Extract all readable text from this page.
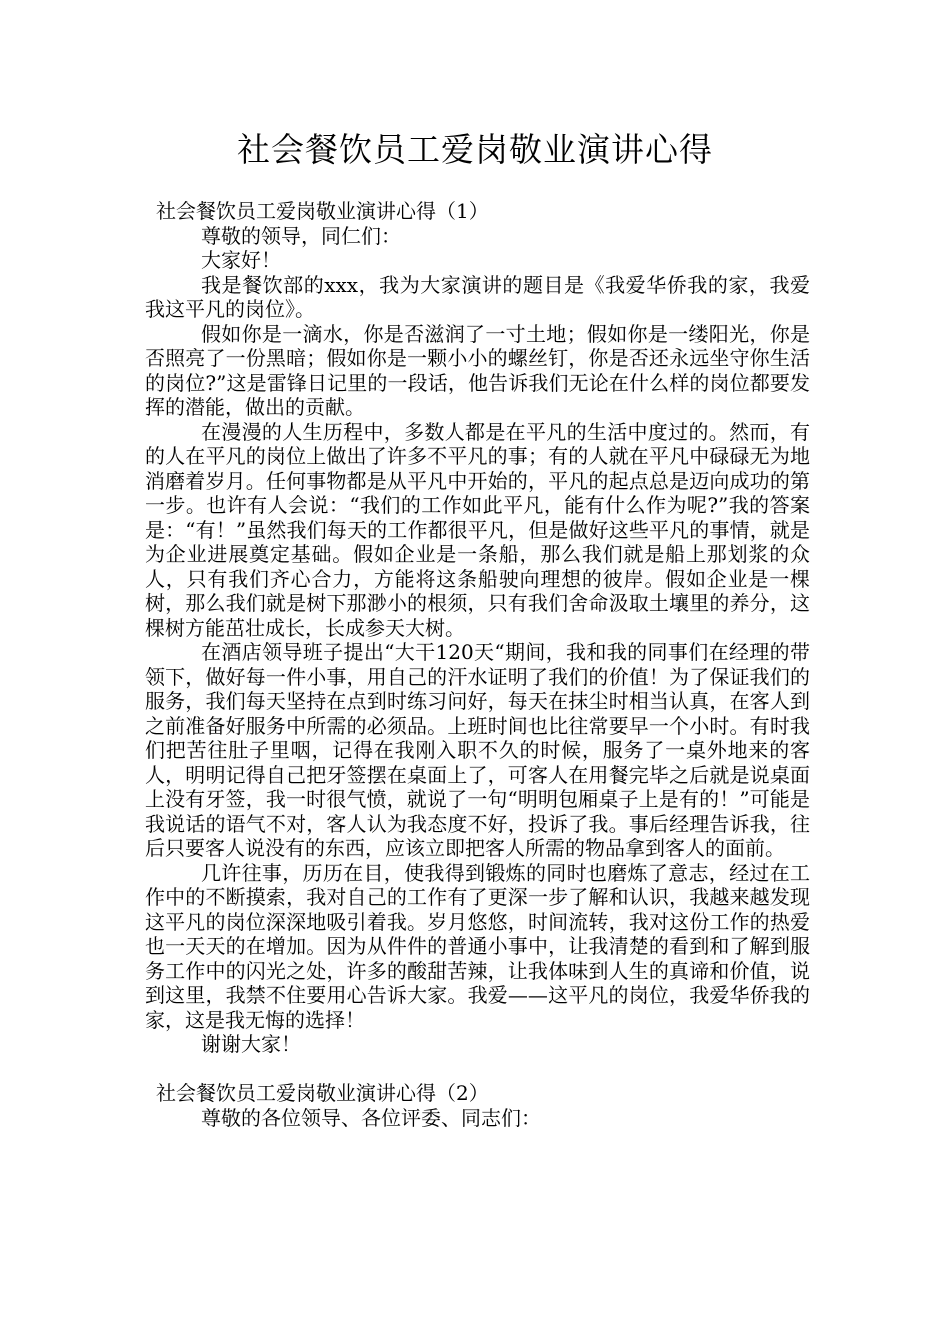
社会餐饮员工爱岗敬业演讲心得

社会餐饮员工爱岗敬业演讲心得（1）

尊敬的领导，同仁们：

大家好！

我是餐饮部的xxx，我为大家演讲的题目是《我爱华侨我的家，我爱我这平凡的岗位》。

假如你是一滴水，你是否滋润了一寸土地；假如你是一缕阳光，你是否照亮了一份黑暗；假如你是一颗小小的螺丝钉，你是否还永远坐守你生活的岗位?”这是雷锋日记里的一段话，他告诉我们无论在什么样的岗位都要发挥的潜能，做出的贡献。

在漫漫的人生历程中，多数人都是在平凡的生活中度过的。然而，有的人在平凡的岗位上做出了许多不平凡的事；有的人就在平凡中碌碌无为地消磨着岁月。任何事物都是从平凡中开始的，平凡的起点总是迈向成功的第一步。也许有人会说：“我们的工作如此平凡，能有什么作为呢?”我的答案是：“有！”虽然我们每天的工作都很平凡，但是做好这些平凡的事情，就是为企业进展奠定基础。假如企业是一条船，那么我们就是船上那划浆的众人，只有我们齐心合力，方能将这条船驶向理想的彼岸。假如企业是一棵树，那么我们就是树下那渺小的根须，只有我们舍命汲取土壤里的养分，这棵树方能茁壮成长，长成参天大树。

在酒店领导班子提出“大干120天“期间，我和我的同事们在经理的带领下，做好每一件小事，用自己的汗水证明了我们的价值！为了保证我们的服务，我们每天坚持在点到时练习问好，每天在抹尘时相当认真，在客人到之前准备好服务中所需的必须品。上班时间也比往常要早一个小时。有时我们把苦往肚子里咽，记得在我刚入职不久的时候，服务了一桌外地来的客人，明明记得自己把牙签摆在桌面上了，可客人在用餐完毕之后就是说桌面上没有牙签，我一时很气愤，就说了一句“明明包厢桌子上是有的！”可能是我说话的语气不对，客人认为我态度不好，投诉了我。事后经理告诉我，往后只要客人说没有的东西，应该立即把客人所需的物品拿到客人的面前。

几许往事，历历在目，使我得到锻炼的同时也磨炼了意志，经过在工作中的不断摸索，我对自己的工作有了更深一步了解和认识，我越来越发现这平凡的岗位深深地吸引着我。岁月悠悠，时间流转，我对这份工作的热爱也一天天的在增加。因为从件件的普通小事中，让我清楚的看到和了解到服务工作中的闪光之处，许多的酸甜苦辣，让我体味到人生的真谛和价值，说到这里，我禁不住要用心告诉大家。我爱——这平凡的岗位，我爱华侨我的家，这是我无悔的选择！

谢谢大家！

社会餐饮员工爱岗敬业演讲心得（2）

尊敬的各位领导、各位评委、同志们：
